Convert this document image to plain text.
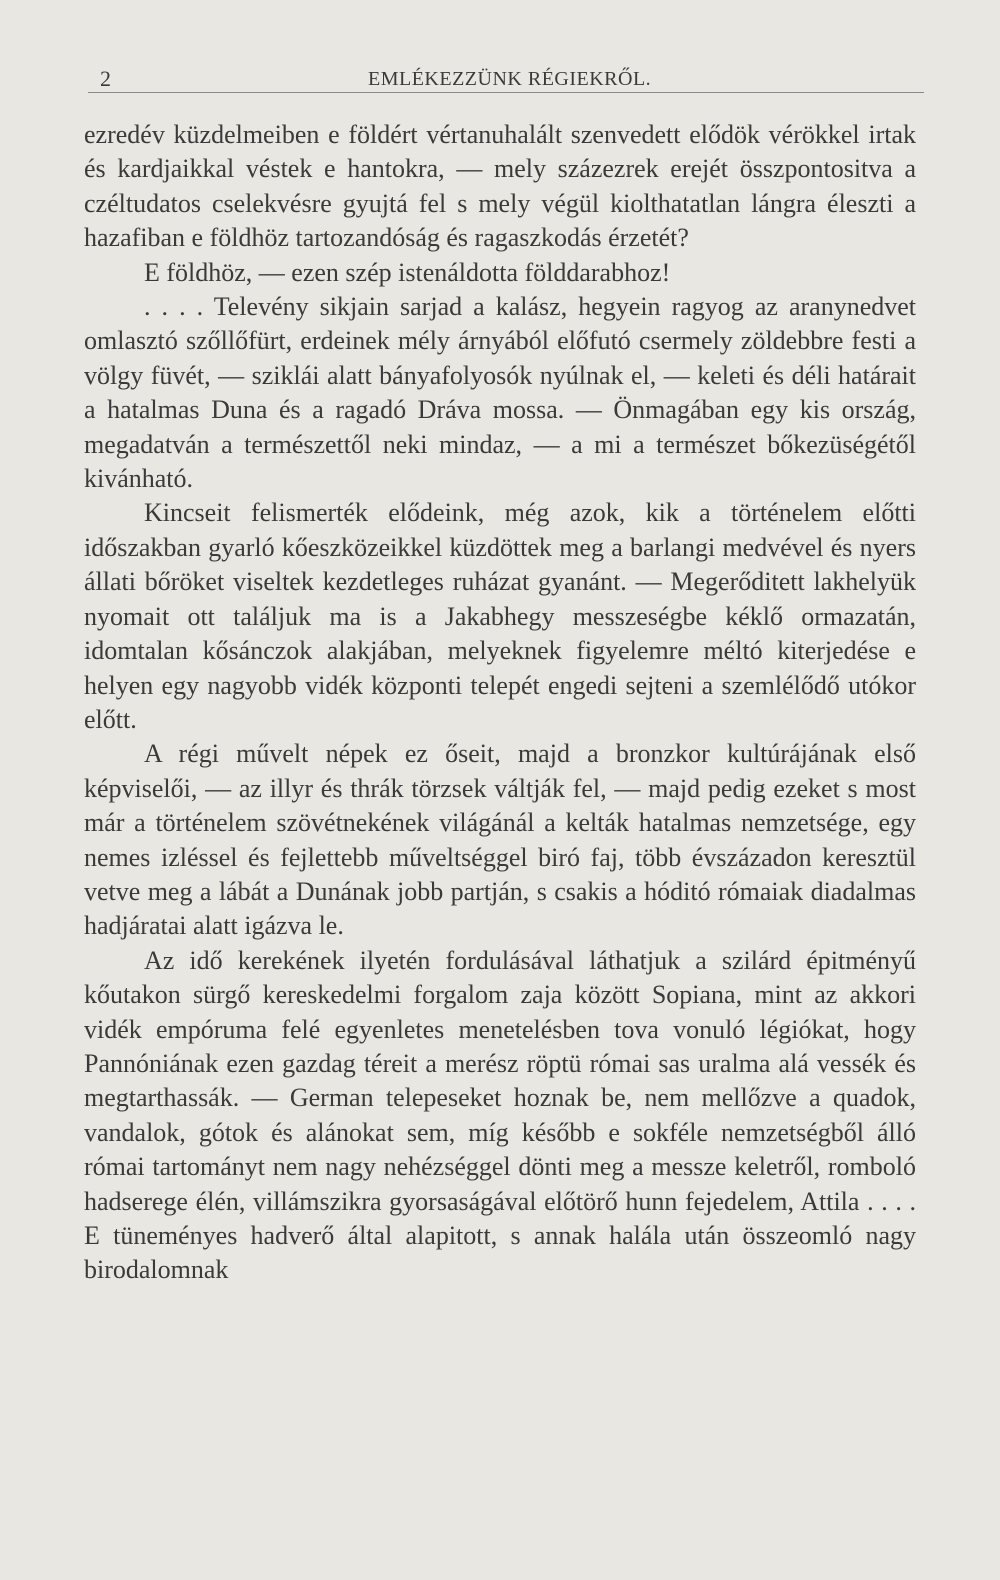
2	EMLÉKEZZÜNK RÉGIEKRŐL.

ezredév küzdelmeiben e földért vértanuhalált szenvedett elődök vérökkel irtak és kardjaikkal véstek e hantokra, — mely százezrek erejét összpontositva a czéltudatos cselekvésre gyujtá fel s mely végül kiolthatatlan lángra éleszti a hazafiban e földhöz tartozandóság és ragaszkodás érzetét?

E földhöz, — ezen szép istenáldotta földdarabhoz!

. . . . Televény sikjain sarjad a kalász, hegyein ragyog az aranynedvet omlasztó szőllőfürt, erdeinek mély árnyából előfutó csermely zöldebbre festi a völgy füvét, — sziklái alatt bányafolyosók nyúlnak el, — keleti és déli határait a hatalmas Duna és a ragadó Dráva mossa. — Önmagában egy kis ország, megadatván a természettől neki mindaz, — a mi a természet bőkezüségétől kivánható.

Kincseit felismerték elődeink, még azok, kik a történelem előtti időszakban gyarló kőeszközeikkel küzdöttek meg a barlangi medvével és nyers állati bőröket viseltek kezdetleges ruházat gyanánt. — Megerőditett lakhelyük nyomait ott találjuk ma is a Jakabhegy messzeségbe kéklő ormazatán, idomtalan kősánczok alakjában, melyeknek figyelemre méltó kiterjedése e helyen egy nagyobb vidék központi telepét engedi sejteni a szemlélődő utókor előtt.

A régi művelt népek ez őseit, majd a bronzkor kultúrájának első képviselői, — az illyr és thrák törzsek váltják fel, — majd pedig ezeket s most már a történelem szövétnekének világánál a kelták hatalmas nemzetsége, egy nemes izléssel és fejlettebb műveltséggel biró faj, több évszázadon keresztül vetve meg a lábát a Dunának jobb partján, s csakis a hóditó rómaiak diadalmas hadjáratai alatt igázva le.

Az idő kerekének ilyetén fordulásával láthatjuk a szilárd épitményű kőutakon sürgő kereskedelmi forgalom zaja között Sopiana, mint az akkori vidék empóruma felé egyenletes menetelésben tova vonuló légiókat, hogy Pannóniának ezen gazdag téreit a merész röptü római sas uralma alá vessék és megtarthassák. — German telepeseket hoznak be, nem mellőzve a quadok, vandalok, gótok és alánokat sem, míg később e sokféle nemzetségből álló római tartományt nem nagy nehézséggel dönti meg a messze keletről, romboló hadserege élén, villámszikra gyorsaságával előtörő hunn fejedelem, Attila . . . . E tüneményes hadverő által alapitott, s annak halála után összeomló nagy birodalomnak
